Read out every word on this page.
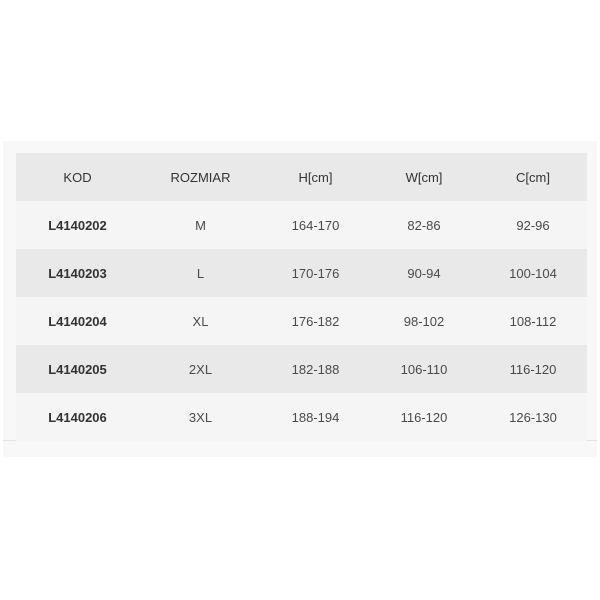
KOD	ROZMIAR	H[cm]	W[cm]	C[cm]
L4140202	M	164-170	82-86	92-96
L4140203	L	170-176	90-94	100-104
L4140204	XL	176-182	98-102	108-112
L4140205	2XL	182-188	106-110	116-120
L4140206	3XL	188-194	116-120	126-130
